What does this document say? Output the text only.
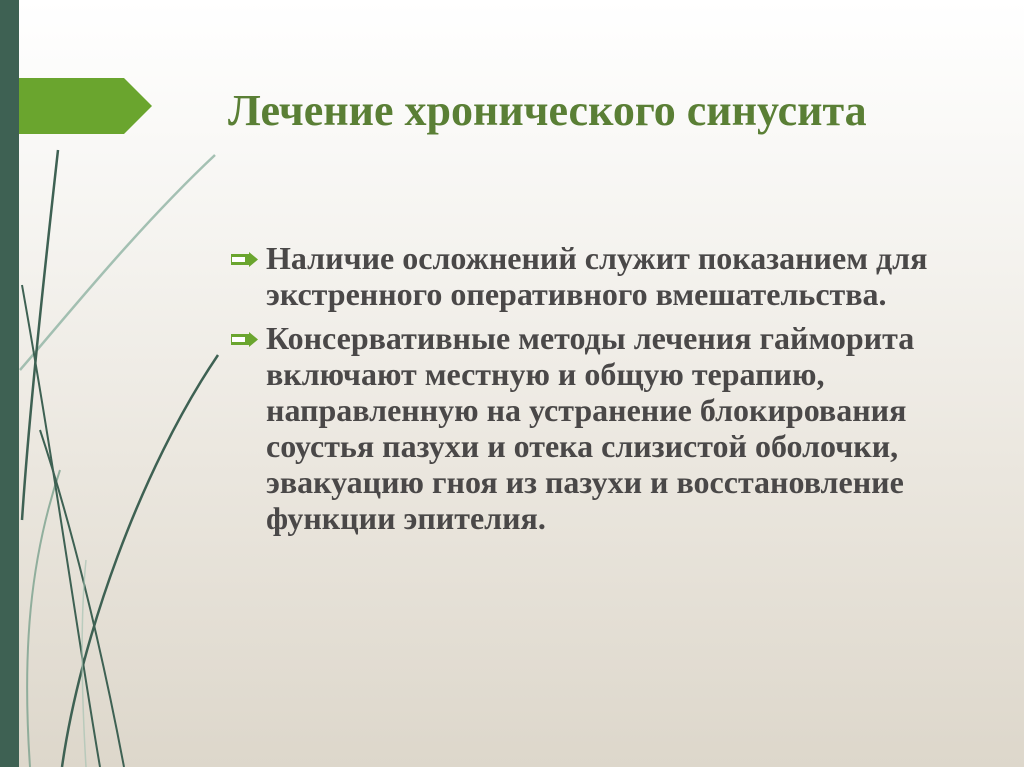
Лечение хронического синусита
Наличие осложнений служит показанием для экстренного оперативного вмешательства.
Консервативные методы лечения гайморита включают местную и общую терапию, направленную на устранение блокирования соустья пазухи и отека слизистой оболочки, эвакуацию гноя из пазухи и восстановление функции эпителия.
